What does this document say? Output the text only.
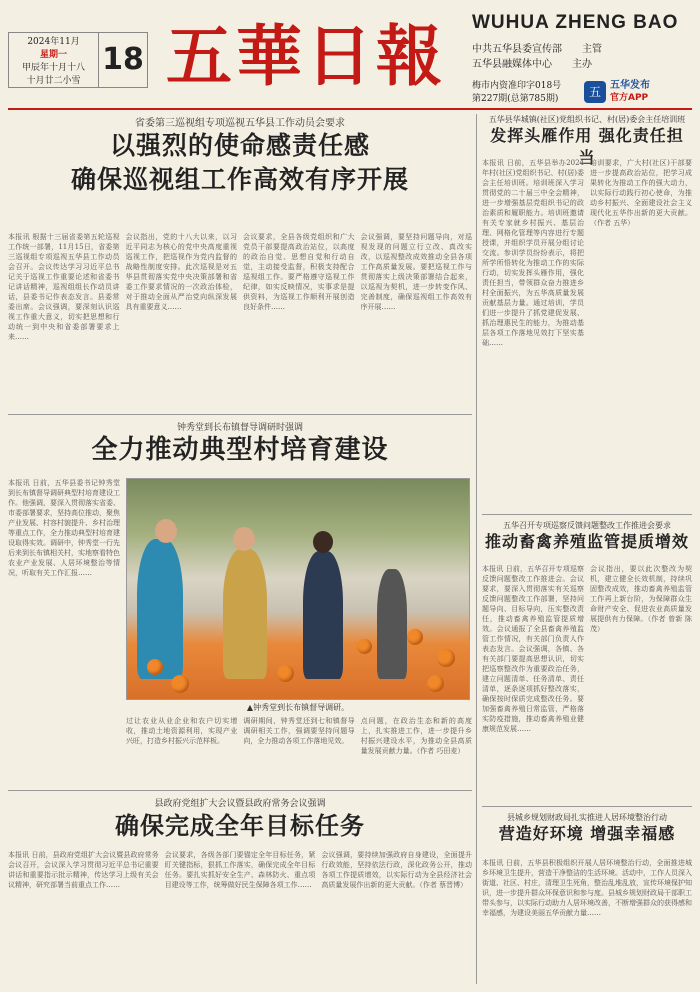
2024年11月
星期一
甲辰年十月十八
十月廿二小雪
18 五華日報	WUHUA ZHENG BAO
中共五华县委宣传部 主管
五华县融媒体中心 主办
梅市内资准印字018号
第227期(总第785期)	五 五华发布
官方APP
省委第三巡视组专项巡视五华县工作动员会要求
以强烈的使命感责任感
确保巡视组工作高效有序开展
本报讯 根据十三届省委第五轮巡视工作统一部署，11月15日，省委第三巡视组专项巡视五华县工作动员会召开。会议传达学习习近平总书记关于巡视工作重要论述和省委书记讲话精神，巡视组组长作动员讲话，县委书记作表态发言。县委常委出席。会议强调，要深刻认识巡视工作重大意义，切实把思想和行动统一到中央和省委部署要求上来……
会议指出，党的十八大以来，以习近平同志为核心的党中央高度重视巡视工作，把巡视作为党内监督的战略性制度安排。此次巡视是对五华县贯彻落实党中央决策部署和省委工作要求情况的一次政治体检，对于推动全面从严治党向纵深发展具有重要意义……
会议要求，全县各级党组织和广大党员干部要提高政治站位，以高度的政治自觉、思想自觉和行动自觉，主动接受监督，积极支持配合巡视组工作。要严格遵守巡视工作纪律，如实反映情况，实事求是提供资料，为巡视工作顺利开展创造良好条件……
会议强调，要坚持问题导向，对巡视发现的问题立行立改、真改实改，以巡视整改成效推动全县各项工作高质量发展。要把巡视工作与贯彻落实上级决策部署结合起来，以巡视为契机，进一步转变作风、完善制度，确保巡视组工作高效有序开展……
钟秀堂到长布镇督导调研时强调
全力推动典型村培育建设
本报讯 日前，五华县委书记钟秀堂到长布镇督导调研典型村培育建设工作。他强调，要深入贯彻落实省委、市委部署要求，坚持高位推动，聚焦产业发展、村容村貌提升、乡村治理等重点工作，全力推动典型村培育建设取得实效。调研中，钟秀堂一行先后来到长布镇相关村，实地察看特色农业产业发展、人居环境整治等情况，听取有关工作汇报……
▲钟秀堂到长布镇督导调研。
过让农业从业企业和农户切实增收，推动土地资源利用，实现产业兴旺，打造乡村振兴示范样板。
调研期间，钟秀堂还到七和镇督导调研相关工作，强调要坚持问题导向，全力推动各项工作落地见效。
点问题，在政治生态和新的高度上，扎实推进工作，进一步提升乡村振兴建设水平，为推动全县高质量发展贡献力量。（作者 巧田麦）
县政府党组扩大会议暨县政府常务会议强调
确保完成全年目标任务
本报讯 日前，县政府党组扩大会议暨县政府常务会议召开，会议深入学习贯彻习近平总书记重要讲话和重要指示批示精神，传达学习上级有关会议精神，研究部署当前重点工作……
会议要求，各级各部门要锚定全年目标任务，紧盯关键指标，狠抓工作落实，确保完成全年目标任务。要扎实抓好安全生产、森林防火、重点项目建设等工作，统筹做好民生保障各项工作……
会议强调，要持续加强政府自身建设，全面提升行政效能，坚持依法行政，深化政务公开，推动各项工作提质增效，以实际行动为全县经济社会高质量发展作出新的更大贡献。（作者 蔡晋博）
五华县华城镇(社区)党组织书记、村(居)委会主任培训班
发挥头雁作用 强化责任担当
本报讯 日前，五华县举办2024年村(社区)党组织书记、村(居)委会主任培训班。培训班深入学习贯彻党的二十届三中全会精神，进一步增强基层党组织书记的政治素质和履职能力。培训班邀请有关专家就乡村振兴、基层治理、网格化管理等内容进行专题授课，并组织学员开展分组讨论交流。参训学员纷纷表示，将把所学所悟转化为推动工作的实际行动，切实发挥头雁作用，强化责任担当，带领群众奋力推进乡村全面振兴，为五华高质量发展贡献基层力量。通过培训，学员们进一步提升了抓党建促发展、抓治理惠民生的能力，为推动基层各项工作落地见效打下坚实基础……
培训要求，广大村(社区)干部要进一步提高政治站位，把学习成果转化为推动工作的强大动力，以实际行动践行初心使命，为推动乡村振兴、全面建设社会主义现代化五华作出新的更大贡献。（作者 五华）
五华召开专项巡察反馈问题整改工作推进会要求
推动畜禽养殖监管提质增效
本报讯 日前，五华召开专项巡察反馈问题整改工作推进会。会议要求，要深入贯彻落实有关巡察反馈问题整改工作部署，坚持问题导向、目标导向，压实整改责任，推动畜禽养殖监管提质增效。会议通报了全县畜禽养殖监管工作情况，有关部门负责人作表态发言。会议强调，各镇、各有关部门要提高思想认识，切实把巡察整改作为重要政治任务，建立问题清单、任务清单、责任清单，逐条逐项抓好整改落实，确保按时保质完成整改任务。要加强畜禽养殖日常监管，严格落实防疫措施，推动畜禽养殖业健康规范发展……
会议指出，要以此次整改为契机，建立健全长效机制，持续巩固整改成效，推动畜禽养殖监管工作再上新台阶，为保障群众生命财产安全、促进农业高质量发展提供有力保障。（作者 曾新 陈茂）
县城乡规划财政局扎实推进人居环境整治行动
营造好环境 增强幸福感
本报讯 日前，五华县积极组织开展人居环境整治行动，全面推进城乡环境卫生提升，营造干净整洁的生活环境。活动中，工作人员深入街道、社区、村庄，清理卫生死角，整治乱堆乱放，宣传环境保护知识，进一步提升群众环保意识和参与度。县城乡规划财政局干部职工带头参与，以实际行动助力人居环境改善，不断增强群众的获得感和幸福感，为建设美丽五华贡献力量……
